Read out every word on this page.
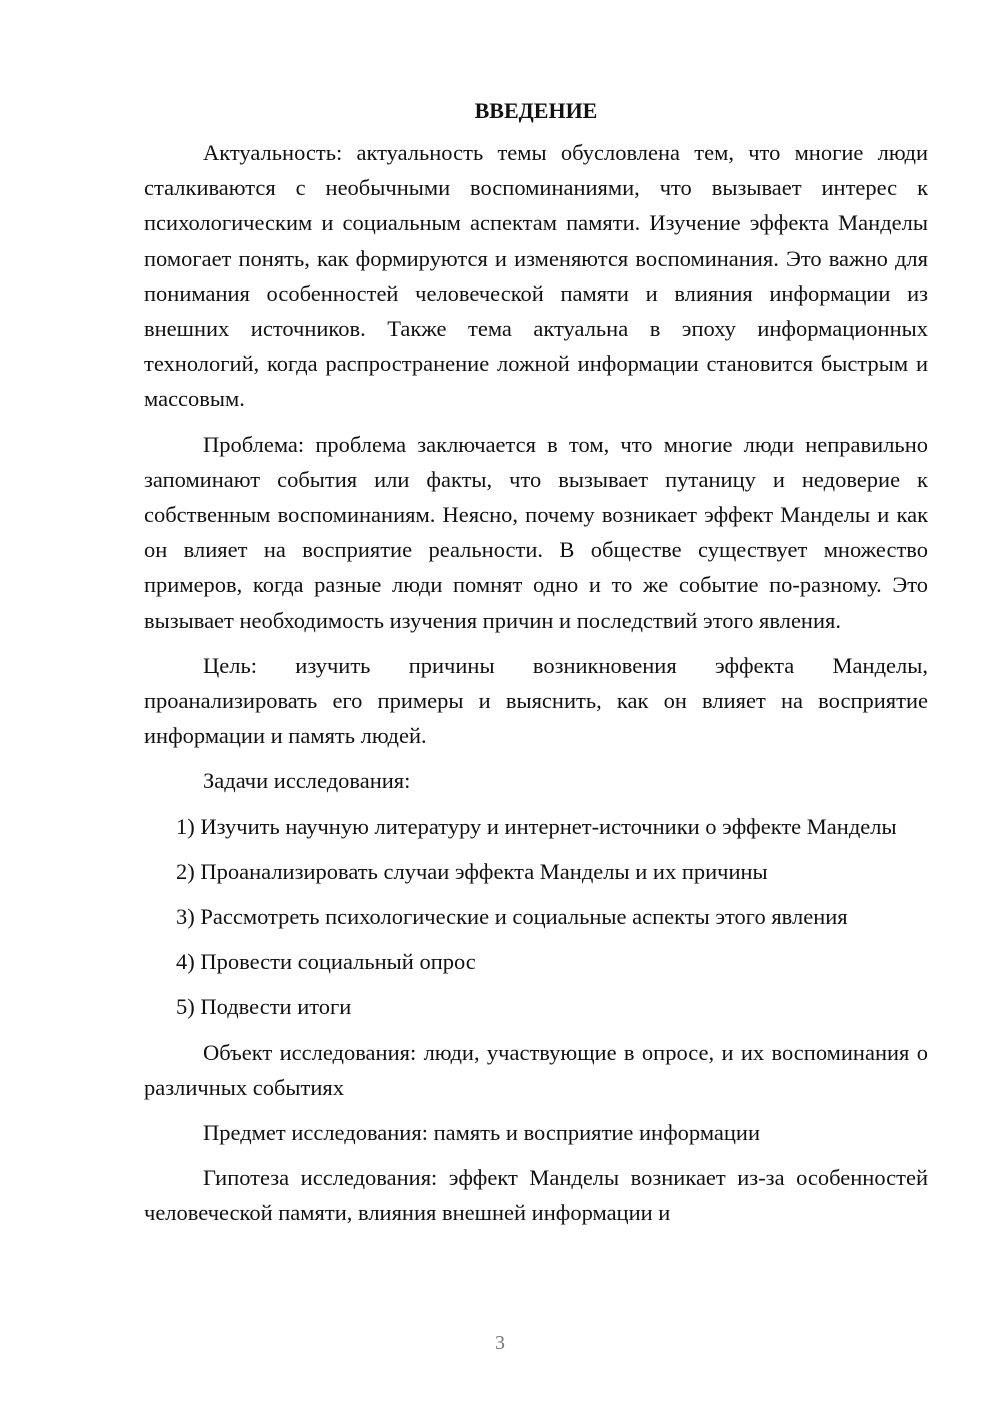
ВВЕДЕНИЕ

Актуальность: актуальность темы обусловлена тем, что многие люди сталкиваются с необычными воспоминаниями, что вызывает интерес к психологическим и социальным аспектам памяти. Изучение эффекта Манделы помогает понять, как формируются и изменяются воспоминания. Это важно для понимания особенностей человеческой памяти и влияния информации из внешних источников. Также тема актуальна в эпоху информационных технологий, когда распространение ложной информации становится быстрым и массовым.

Проблема: проблема заключается в том, что многие люди неправильно запоминают события или факты, что вызывает путаницу и недоверие к собственным воспоминаниям. Неясно, почему возникает эффект Манделы и как он влияет на восприятие реальности. В обществе существует множество примеров, когда разные люди помнят одно и то же событие по-разному. Это вызывает необходимость изучения причин и последствий этого явления.

Цель: изучить причины возникновения эффекта Манделы, проанализировать его примеры и выяснить, как он влияет на восприятие информации и память людей.

Задачи исследования:

1) Изучить научную литературу и интернет-источники о эффекте Манделы

2) Проанализировать случаи эффекта Манделы и их причины

3) Рассмотреть психологические и социальные аспекты этого явления

4) Провести социальный опрос

5) Подвести итоги

Объект исследования: люди, участвующие в опросе, и их воспоминания о различных событиях

Предмет исследования: память и восприятие информации

Гипотеза исследования: эффект Манделы возникает из-за особенностей человеческой памяти, влияния внешней информации и

3
